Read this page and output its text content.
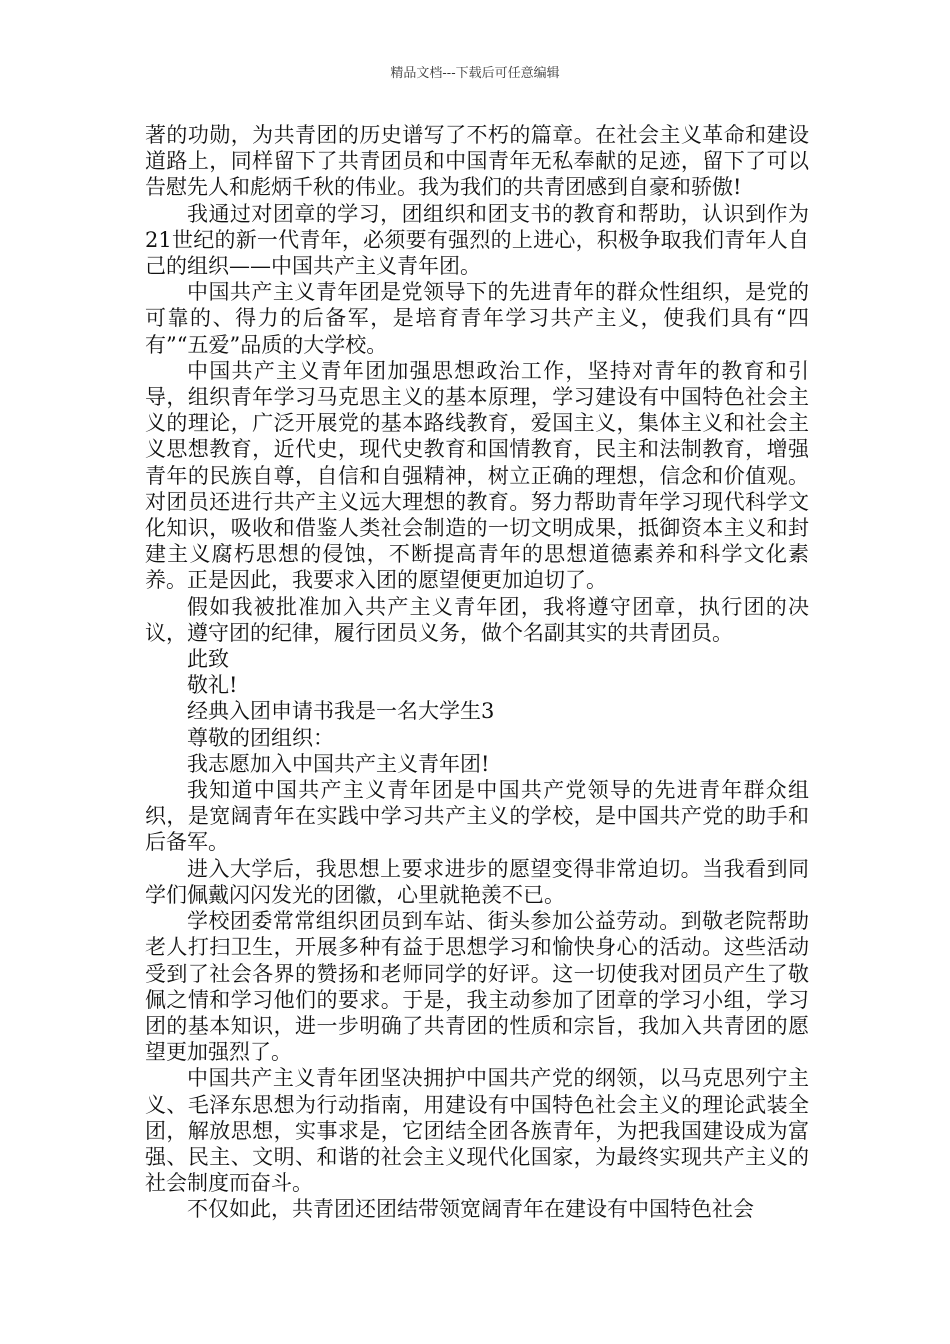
精品文档---下载后可任意编辑

著的功勋，为共青团的历史谱写了不朽的篇章。在社会主义革命和建设道路上，同样留下了共青团员和中国青年无私奉献的足迹，留下了可以告慰先人和彪炳千秋的伟业。我为我们的共青团感到自豪和骄傲!

我通过对团章的学习，团组织和团支书的教育和帮助，认识到作为21世纪的新一代青年，必须要有强烈的上进心，积极争取我们青年人自己的组织——中国共产主义青年团。

中国共产主义青年团是党领导下的先进青年的群众性组织，是党的可靠的、得力的后备军，是培育青年学习共产主义，使我们具有“四有”“五爱”品质的大学校。

中国共产主义青年团加强思想政治工作，坚持对青年的教育和引导，组织青年学习马克思主义的基本原理，学习建设有中国特色社会主义的理论，广泛开展党的基本路线教育，爱国主义，集体主义和社会主义思想教育，近代史，现代史教育和国情教育，民主和法制教育，增强青年的民族自尊，自信和自强精神，树立正确的理想，信念和价值观。对团员还进行共产主义远大理想的教育。努力帮助青年学习现代科学文化知识，吸收和借鉴人类社会制造的一切文明成果，抵御资本主义和封建主义腐朽思想的侵蚀，不断提高青年的思想道德素养和科学文化素养。正是因此，我要求入团的愿望便更加迫切了。

假如我被批准加入共产主义青年团，我将遵守团章，执行团的决议，遵守团的纪律，履行团员义务，做个名副其实的共青团员。

此致

敬礼!

经典入团申请书我是一名大学生3

尊敬的团组织：

我志愿加入中国共产主义青年团!

我知道中国共产主义青年团是中国共产党领导的先进青年群众组织，是宽阔青年在实践中学习共产主义的学校，是中国共产党的助手和后备军。

进入大学后，我思想上要求进步的愿望变得非常迫切。当我看到同学们佩戴闪闪发光的团徽，心里就艳羡不已。

学校团委常常组织团员到车站、街头参加公益劳动。到敬老院帮助老人打扫卫生，开展多种有益于思想学习和愉快身心的活动。这些活动受到了社会各界的赞扬和老师同学的好评。这一切使我对团员产生了敬佩之情和学习他们的要求。于是，我主动参加了团章的学习小组，学习团的基本知识，进一步明确了共青团的性质和宗旨，我加入共青团的愿望更加强烈了。

中国共产主义青年团坚决拥护中国共产党的纲领，以马克思列宁主义、毛泽东思想为行动指南，用建设有中国特色社会主义的理论武装全团，解放思想，实事求是，它团结全团各族青年，为把我国建设成为富强、民主、文明、和谐的社会主义现代化国家，为最终实现共产主义的社会制度而奋斗。

不仅如此，共青团还团结带领宽阔青年在建设有中国特色社会
